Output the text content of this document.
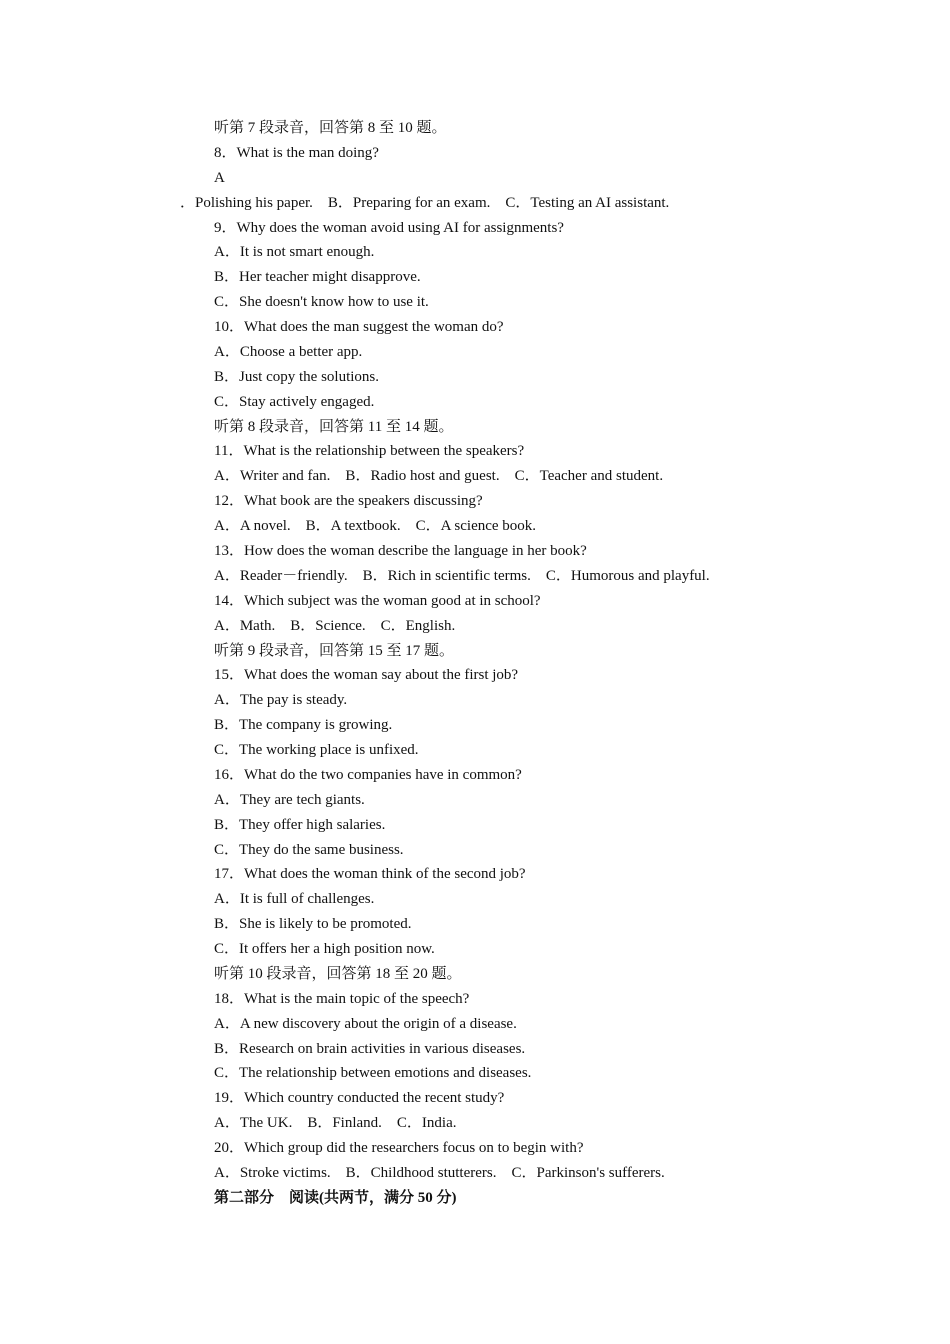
听第 7 段录音，回答第 8 至 10 题。
8．What is the man doing?
A
．Polishing his paper.    B．Preparing for an exam.    C．Testing an AI assistant.
9．Why does the woman avoid using AI for assignments?
A．It is not smart enough.
B．Her teacher might disapprove.
C．She doesn't know how to use it.
10．What does the man suggest the woman do?
A．Choose a better app.
B．Just copy the solutions.
C．Stay actively engaged.
听第 8 段录音，回答第 11 至 14 题。
11．What is the relationship between the speakers?
A．Writer and fan.    B．Radio host and guest.    C．Teacher and student.
12．What book are the speakers discussing?
A．A novel.    B．A textbook.    C．A science book.
13．How does the woman describe the language in her book?
A．Reader－friendly.    B．Rich in scientific terms.    C．Humorous and playful.
14．Which subject was the woman good at in school?
A．Math.    B．Science.    C．English.
听第 9 段录音，回答第 15 至 17 题。
15．What does the woman say about the first job?
A．The pay is steady.
B．The company is growing.
C．The working place is unfixed.
16．What do the two companies have in common?
A．They are tech giants.
B．They offer high salaries.
C．They do the same business.
17．What does the woman think of the second job?
A．It is full of challenges.
B．She is likely to be promoted.
C．It offers her a high position now.
听第 10 段录音，回答第 18 至 20 题。
18．What is the main topic of the speech?
A．A new discovery about the origin of a disease.
B．Research on brain activities in various diseases.
C．The relationship between emotions and diseases.
19．Which country conducted the recent study?
A．The UK.    B．Finland.    C．India.
20．Which group did the researchers focus on to begin with?
A．Stroke victims.    B．Childhood stutterers.    C．Parkinson's sufferers.
第二部分　阅读(共两节，满分 50 分)
